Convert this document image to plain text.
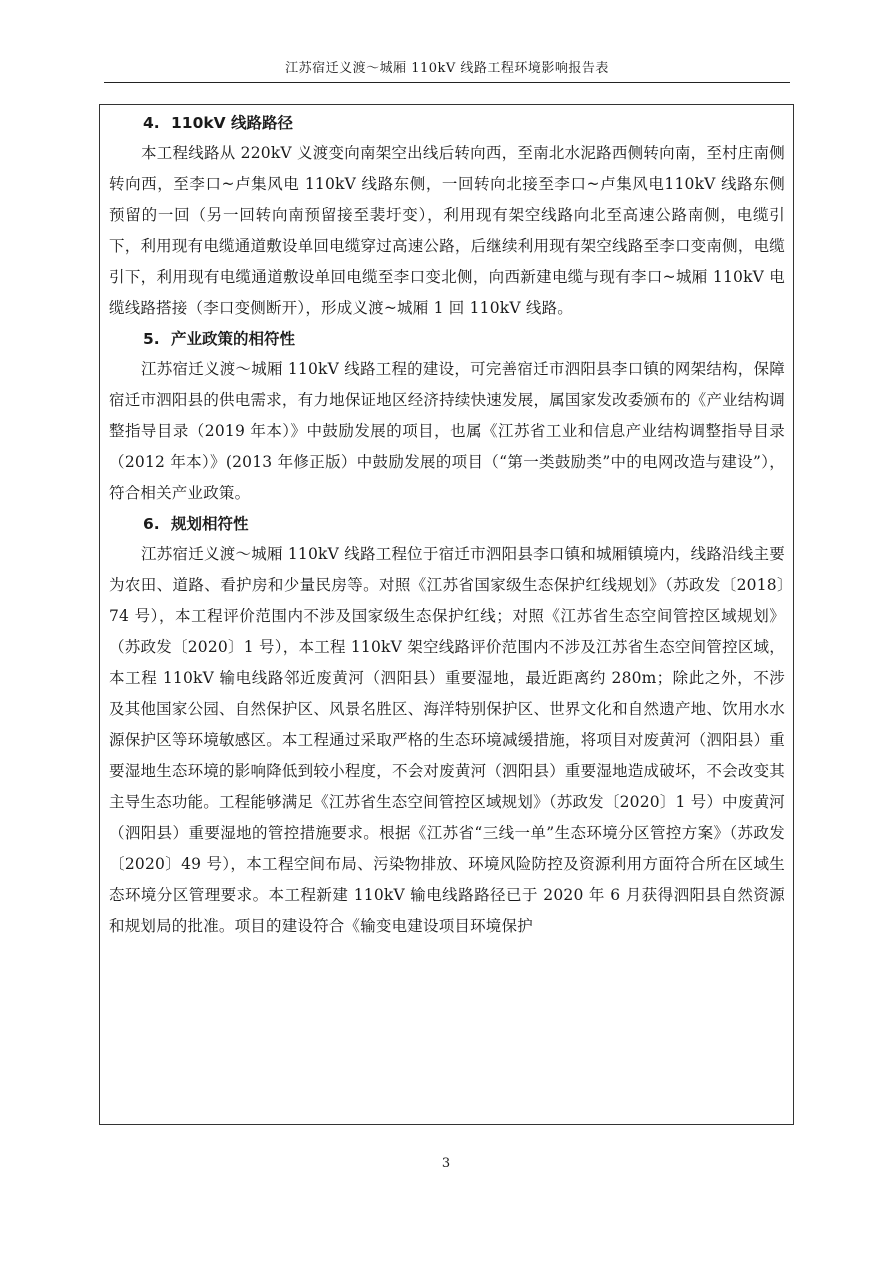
江苏宿迁义渡～城厢 110kV 线路工程环境影响报告表
4. 110kV 线路路径

本工程线路从 220kV 义渡变向南架空出线后转向西，至南北水泥路西侧转向南，至村庄南侧转向西，至李口~卢集风电 110kV 线路东侧，一回转向北接至李口~卢集风电110kV 线路东侧预留的一回（另一回转向南预留接至裴圩变），利用现有架空线路向北至高速公路南侧，电缆引下，利用现有电缆通道敷设单回电缆穿过高速公路，后继续利用现有架空线路至李口变南侧，电缆引下，利用现有电缆通道敷设单回电缆至李口变北侧，向西新建电缆与现有李口~城厢 110kV 电缆线路搭接（李口变侧断开），形成义渡~城厢 1 回 110kV 线路。

5. 产业政策的相符性

江苏宿迁义渡～城厢 110kV 线路工程的建设，可完善宿迁市泗阳县李口镇的网架结构，保障宿迁市泗阳县的供电需求，有力地保证地区经济持续快速发展，属国家发改委颁布的《产业结构调整指导目录（2019 年本）》中鼓励发展的项目，也属《江苏省工业和信息产业结构调整指导目录（2012 年本）》(2013 年修正版）中鼓励发展的项目（“第一类鼓励类”中的电网改造与建设”），符合相关产业政策。

6. 规划相符性

江苏宿迁义渡～城厢 110kV 线路工程位于宿迁市泗阳县李口镇和城厢镇境内，线路沿线主要为农田、道路、看护房和少量民房等。对照《江苏省国家级生态保护红线规划》（苏政发〔2018〕74 号），本工程评价范围内不涉及国家级生态保护红线；对照《江苏省生态空间管控区域规划》（苏政发〔2020〕1 号），本工程 110kV 架空线路评价范围内不涉及江苏省生态空间管控区域，本工程 110kV 输电线路邻近废黄河（泗阳县）重要湿地，最近距离约 280m；除此之外，不涉及其他国家公园、自然保护区、风景名胜区、海洋特别保护区、世界文化和自然遗产地、饮用水水源保护区等环境敏感区。本工程通过采取严格的生态环境减缓措施，将项目对废黄河（泗阳县）重要湿地生态环境的影响降低到较小程度，不会对废黄河（泗阳县）重要湿地造成破坏，不会改变其主导生态功能。工程能够满足《江苏省生态空间管控区域规划》（苏政发〔2020〕1 号）中废黄河（泗阳县）重要湿地的管控措施要求。根据《江苏省“三线一单”生态环境分区管控方案》（苏政发〔2020〕49 号），本工程空间布局、污染物排放、环境风险防控及资源利用方面符合所在区域生态环境分区管理要求。本工程新建 110kV 输电线路路径已于 2020 年 6 月获得泗阳县自然资源和规划局的批准。项目的建设符合《输变电建设项目环境保护

3
